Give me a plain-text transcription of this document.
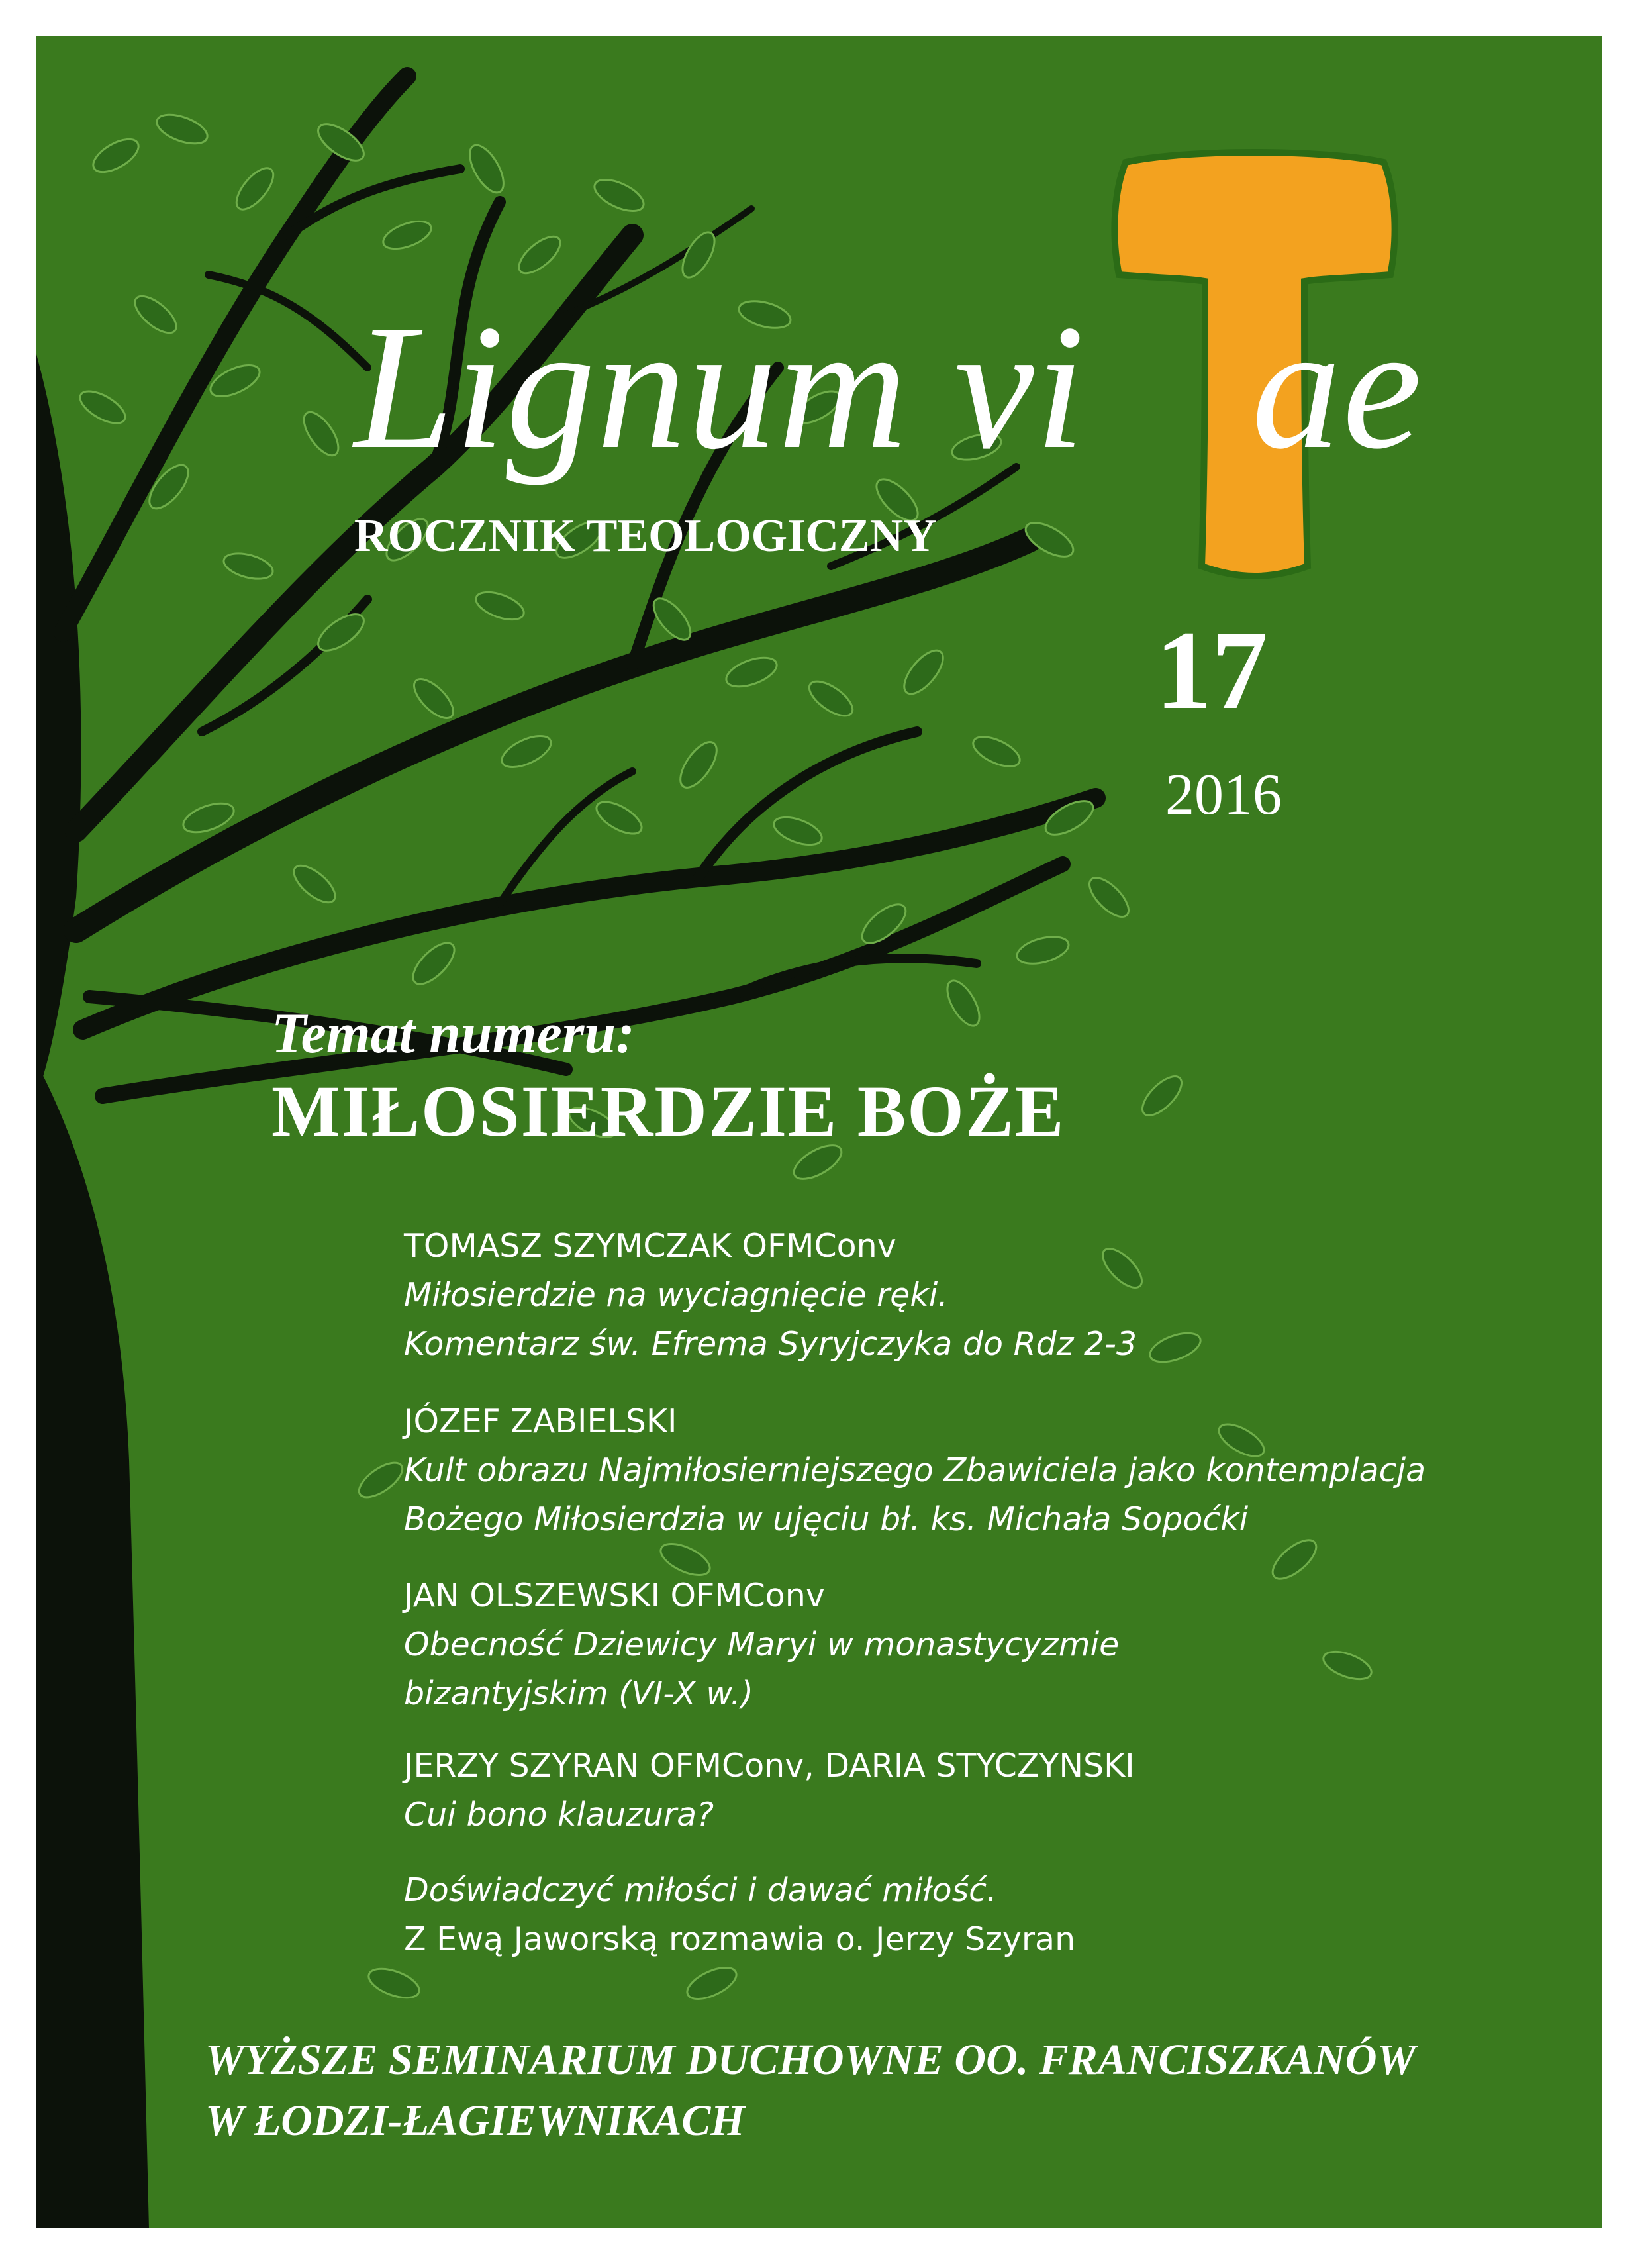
Lignum vi ae
ROCZNIK TEOLOGICZNY
17
2016
Temat numeru:
MIŁOSIERDZIE BOŻE
TOMASZ SZYMCZAK OFMConv
Miłosierdzie na wyciagnięcie ręki.
Komentarz św. Efrema Syryjczyka do Rdz 2-3
JÓZEF ZABIELSKI
Kult obrazu Najmiłosierniejszego Zbawiciela jako kontemplacja
Bożego Miłosierdzia w ujęciu bł. ks. Michała Sopoćki
JAN OLSZEWSKI OFMConv
Obecność Dziewicy Maryi w monastycyzmie
bizantyjskim (VI-X w.)
JERZY SZYRAN OFMConv, DARIA STYCZYNSKI
Cui bono klauzura?
Doświadczyć miłości i dawać miłość.
Z Ewą Jaworską rozmawia o. Jerzy Szyran
WYŻSZE SEMINARIUM DUCHOWNE OO. FRANCISZKANÓW
W ŁODZI-ŁAGIEWNIKACH
